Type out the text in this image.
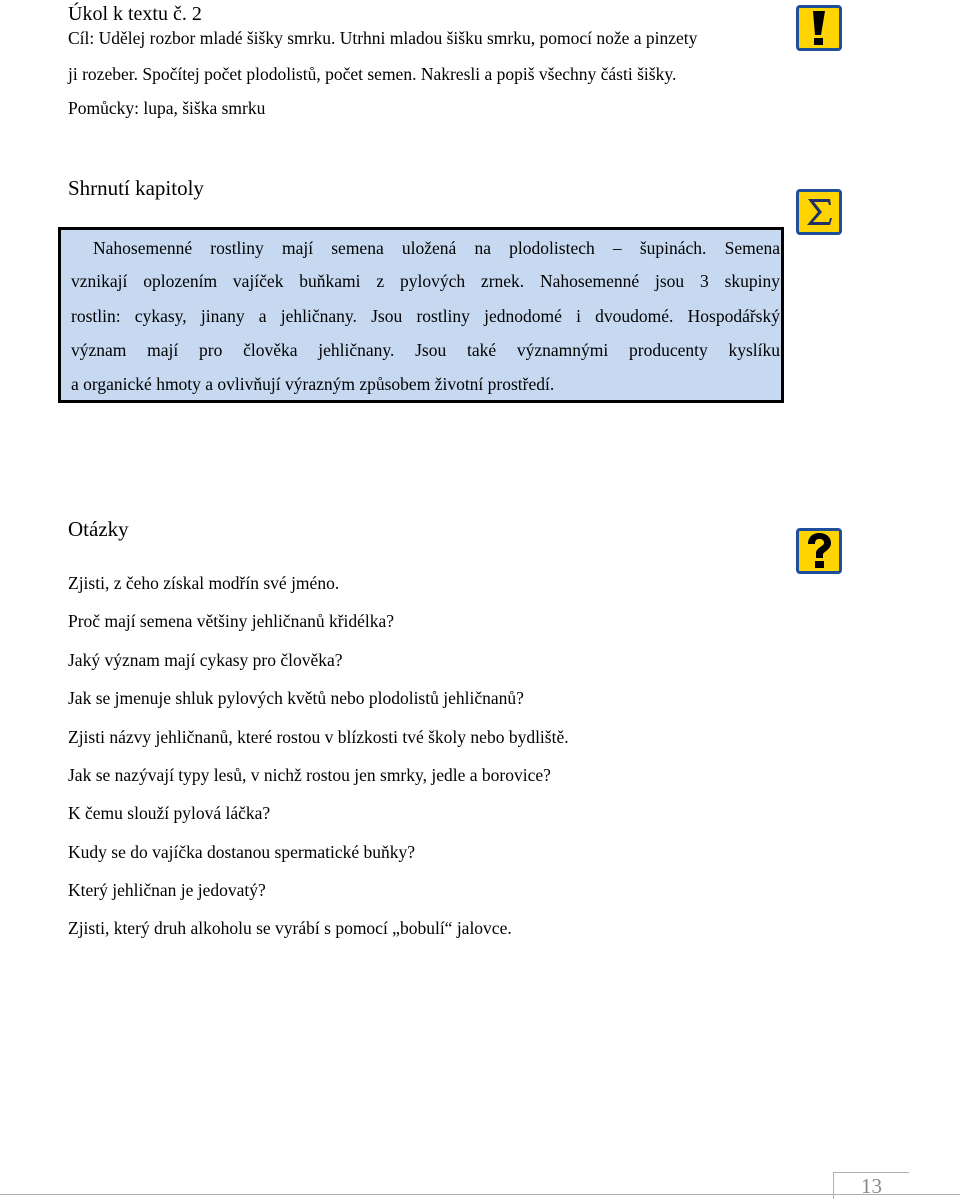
Úkol k textu č. 2
Cíl: Udělej rozbor mladé šišky smrku. Utrhni mladou šišku smrku, pomocí nože a pinzety
ji rozeber. Spočítej počet plodolistů, počet semen. Nakresli a popiš všechny části šišky.
Pomůcky: lupa, šiška smrku
Shrnutí kapitoly
Nahosemenné rostliny mají semena uložená na plodolistech – šupinách. Semena
vznikají oplozením vajíček buňkami z pylových zrnek. Nahosemenné jsou 3 skupiny
rostlin: cykasy, jinany a jehličnany. Jsou rostliny jednodomé i dvoudomé. Hospodářský
význam mají pro člověka jehličnany. Jsou také významnými producenty kyslíku
a organické hmoty a ovlivňují výrazným způsobem životní prostředí.
Otázky
Zjisti, z čeho získal modřín své jméno.
Proč mají semena většiny jehličnanů křidélka?
Jaký význam mají cykasy pro člověka?
Jak se jmenuje shluk pylových květů nebo plodolistů jehličnanů?
Zjisti názvy jehličnanů, které rostou v blízkosti tvé školy nebo bydliště.
Jak se nazývají typy lesů, v nichž rostou jen smrky, jedle a borovice?
K čemu slouží pylová láčka?
Kudy se do vajíčka dostanou spermatické buňky?
Který jehličnan je jedovatý?
Zjisti, který druh alkoholu se vyrábí s pomocí „bobulí“ jalovce.
13
